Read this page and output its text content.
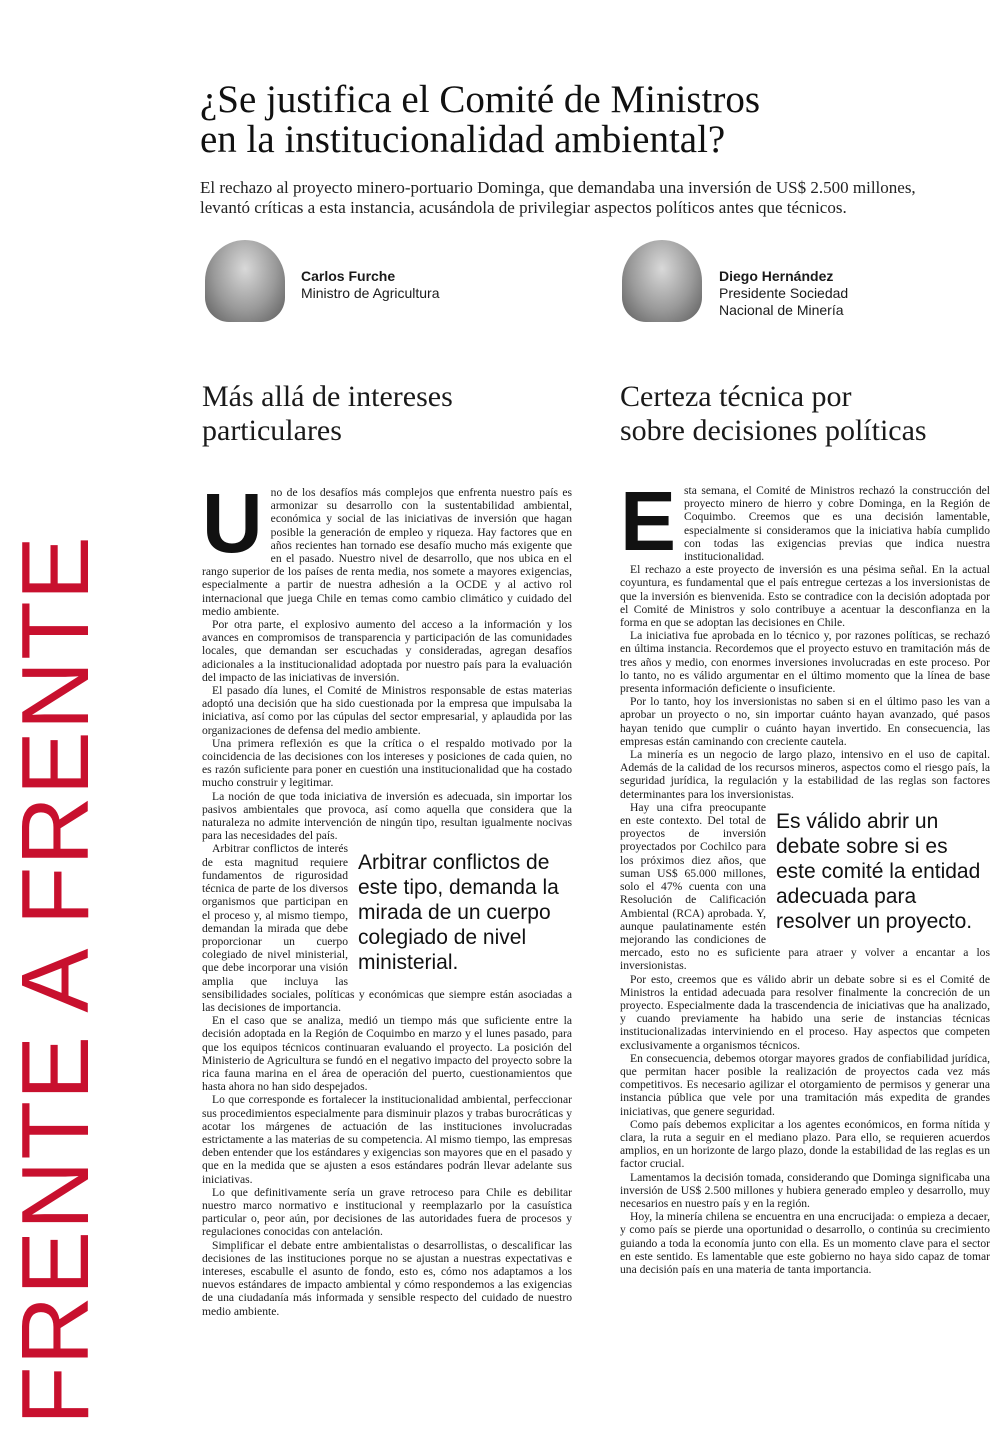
¿Se justifica el Comité de Ministros
en la institucionalidad ambiental?

El rechazo al proyecto minero-portuario Dominga, que demandaba una inversión de US$ 2.500 millones,
levantó críticas a esta instancia, acusándola de privilegiar aspectos políticos antes que técnicos.

Carlos Furche
Ministro de Agricultura
Diego Hernández
Presidente Sociedad Nacional de Minería
FRENTE A FRENTE
Más allá de intereses
particulares
U no de los desafíos más complejos que enfrenta nuestro país es armonizar su desarrollo con la sustentabilidad ambiental, económica y social de las iniciativas de inversión que hagan posible la generación de empleo y riqueza. Hay factores que en años recientes han tornado ese desafío mucho más exigente que en el pasado. Nuestro nivel de desarrollo, que nos ubica en el rango superior de los países de renta media, nos somete a mayores exigencias, especialmente a partir de nuestra adhesión a la OCDE y al activo rol internacional que juega Chile en temas como cambio climático y cuidado del medio ambiente.

Por otra parte, el explosivo aumento del acceso a la información y los avances en compromisos de transparencia y participación de las comunidades locales, que demandan ser escuchadas y consideradas, agregan desafíos adicionales a la institucionalidad adoptada por nuestro país para la evaluación del impacto de las iniciativas de inversión.

El pasado día lunes, el Comité de Ministros responsable de estas materias adoptó una decisión que ha sido cuestionada por la empresa que impulsaba la iniciativa, así como por las cúpulas del sector empresarial, y aplaudida por las organizaciones de defensa del medio ambiente.

Una primera reflexión es que la crítica o el respaldo motivado por la coincidencia de las decisiones con los intereses y posiciones de cada quien, no es razón suficiente para poner en cuestión una institucionalidad que ha costado mucho construir y legitimar.

La noción de que toda iniciativa de inversión es adecuada, sin importar los pasivos ambientales que provoca, así como aquella que considera que la naturaleza no admite intervención de ningún tipo, resultan igualmente nocivas para las necesidades del país.

Arbitrar conflictos de este tipo, demanda la mirada de un cuerpo colegiado de nivel ministerial.

Arbitrar conflictos de interés de esta magnitud requiere fundamentos de rigurosidad técnica de parte de los diversos organismos que participan en el proceso y, al mismo tiempo, demandan la mirada que debe proporcionar un cuerpo colegiado de nivel ministerial, que debe incorporar una visión amplia que incluya las sensibilidades sociales, políticas y económicas que siempre están asociadas a las decisiones de importancia.

En el caso que se analiza, medió un tiempo más que suficiente entre la decisión adoptada en la Región de Coquimbo en marzo y el lunes pasado, para que los equipos técnicos continuaran evaluando el proyecto. La posición del Ministerio de Agricultura se fundó en el negativo impacto del proyecto sobre la rica fauna marina en el área de operación del puerto, cuestionamientos que hasta ahora no han sido despejados.

Lo que corresponde es fortalecer la institucionalidad ambiental, perfeccionar sus procedimientos especialmente para disminuir plazos y trabas burocráticas y acotar los márgenes de actuación de las instituciones involucradas estrictamente a las materias de su competencia. Al mismo tiempo, las empresas deben entender que los estándares y exigencias son mayores que en el pasado y que en la medida que se ajusten a esos estándares podrán llevar adelante sus iniciativas.

Lo que definitivamente sería un grave retroceso para Chile es debilitar nuestro marco normativo e institucional y reemplazarlo por la casuística particular o, peor aún, por decisiones de las autoridades fuera de procesos y regulaciones conocidas con antelación.

Simplificar el debate entre ambientalistas o desarrollistas, o descalificar las decisiones de las instituciones porque no se ajustan a nuestras expectativas e intereses, escabulle el asunto de fondo, esto es, cómo nos adaptamos a los nuevos estándares de impacto ambiental y cómo respondemos a las exigencias de una ciudadanía más informada y sensible respecto del cuidado de nuestro medio ambiente.

Certeza técnica por
sobre decisiones políticas
E sta semana, el Comité de Ministros rechazó la construcción del proyecto minero de hierro y cobre Dominga, en la Región de Coquimbo. Creemos que es una decisión lamentable, especialmente si consideramos que la iniciativa había cumplido con todas las exigencias previas que indica nuestra institucionalidad.

El rechazo a este proyecto de inversión es una pésima señal. En la actual coyuntura, es fundamental que el país entregue certezas a los inversionistas de que la inversión es bienvenida. Esto se contradice con la decisión adoptada por el Comité de Ministros y solo contribuye a acentuar la desconfianza en la forma en que se adoptan las decisiones en Chile.

La iniciativa fue aprobada en lo técnico y, por razones políticas, se rechazó en última instancia. Recordemos que el proyecto estuvo en tramitación más de tres años y medio, con enormes inversiones involucradas en este proceso. Por lo tanto, no es válido argumentar en el último momento que la línea de base presenta información deficiente o insuficiente.

Por lo tanto, hoy los inversionistas no saben si en el último paso les van a aprobar un proyecto o no, sin importar cuánto hayan avanzado, qué pasos hayan tenido que cumplir o cuánto hayan invertido. En consecuencia, las empresas están caminando con creciente cautela.

La minería es un negocio de largo plazo, intensivo en el uso de capital. Además de la calidad de los recursos mineros, aspectos como el riesgo país, la seguridad jurídica, la regulación y la estabilidad de las reglas son factores determinantes para los inversionistas.

Es válido abrir un debate sobre si es este comité la entidad adecuada para resolver un proyecto.

Hay una cifra preocupante en este contexto. Del total de proyectos de inversión proyectados por Cochilco para los próximos diez años, que suman US$ 65.000 millones, solo el 47% cuenta con una Resolución de Calificación Ambiental (RCA) aprobada. Y, aunque paulatinamente estén mejorando las condiciones de mercado, esto no es suficiente para atraer y volver a encantar a los inversionistas.

Por esto, creemos que es válido abrir un debate sobre si es el Comité de Ministros la entidad adecuada para resolver finalmente la concreción de un proyecto. Especialmente dada la trascendencia de iniciativas que ha analizado, y cuando previamente ha habido una serie de instancias técnicas institucionalizadas interviniendo en el proceso. Hay aspectos que competen exclusivamente a organismos técnicos.

En consecuencia, debemos otorgar mayores grados de confiabilidad jurídica, que permitan hacer posible la realización de proyectos cada vez más competitivos. Es necesario agilizar el otorgamiento de permisos y generar una instancia pública que vele por una tramitación más expedita de grandes iniciativas, que genere seguridad.

Como país debemos explicitar a los agentes económicos, en forma nítida y clara, la ruta a seguir en el mediano plazo. Para ello, se requieren acuerdos amplios, en un horizonte de largo plazo, donde la estabilidad de las reglas es un factor crucial.

Lamentamos la decisión tomada, considerando que Dominga significaba una inversión de US$ 2.500 millones y hubiera generado empleo y desarrollo, muy necesarios en nuestro país y en la región.

Hoy, la minería chilena se encuentra en una encrucijada: o empieza a decaer, y como país se pierde una oportunidad o desarrollo, o continúa su crecimiento guiando a toda la economía junto con ella. Es un momento clave para el sector en este sentido. Es lamentable que este gobierno no haya sido capaz de tomar una decisión país en una materia de tanta importancia.
